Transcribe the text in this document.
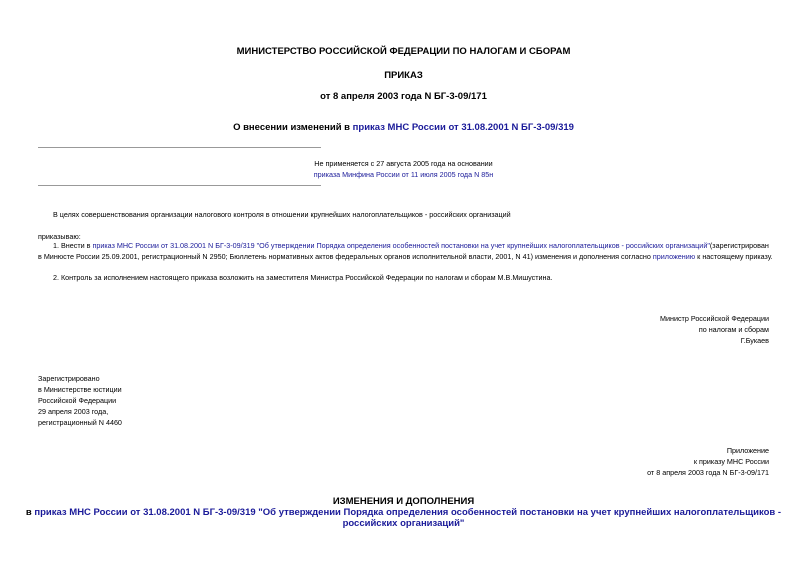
МИНИСТЕРСТВО РОССИЙСКОЙ ФЕДЕРАЦИИ ПО НАЛОГАМ И СБОРАМ
ПРИКАЗ
от 8 апреля 2003 года N БГ-3-09/171
О внесении изменений в приказ МНС России от 31.08.2001 N БГ-3-09/319
Не применяется с 27 августа 2005 года на основании
приказа Минфина России от 11 июля 2005 года N 85н
В целях совершенствования организации налогового контроля в отношении крупнейших налогоплательщиков - российских организаций
приказываю:
1. Внести в приказ МНС России от 31.08.2001 N БГ-3-09/319 "Об утверждении Порядка определения особенностей постановки на учет крупнейших налогоплательщиков - российских организаций"(зарегистрирован
в Минюсте России 25.09.2001, регистрационный N 2950; Бюллетень нормативных актов федеральных органов исполнительной власти, 2001, N 41) изменения и дополнения согласно приложению к настоящему приказу.
2. Контроль за исполнением настоящего приказа возложить на заместителя Министра Российской Федерации по налогам и сборам М.В.Мишустина.
Министр Российской Федерации
по налогам и сборам
Г.Букаев
Зарегистрировано
в Министерстве юстиции
Российской Федерации
29 апреля 2003 года,
регистрационный N 4460
Приложение
к приказу МНС России
от 8 апреля 2003 года N БГ-3-09/171
ИЗМЕНЕНИЯ И ДОПОЛНЕНИЯ
в приказ МНС России от 31.08.2001 N БГ-3-09/319 "Об утверждении Порядка определения особенностей постановки на учет крупнейших налогоплательщиков -
российских организаций"
